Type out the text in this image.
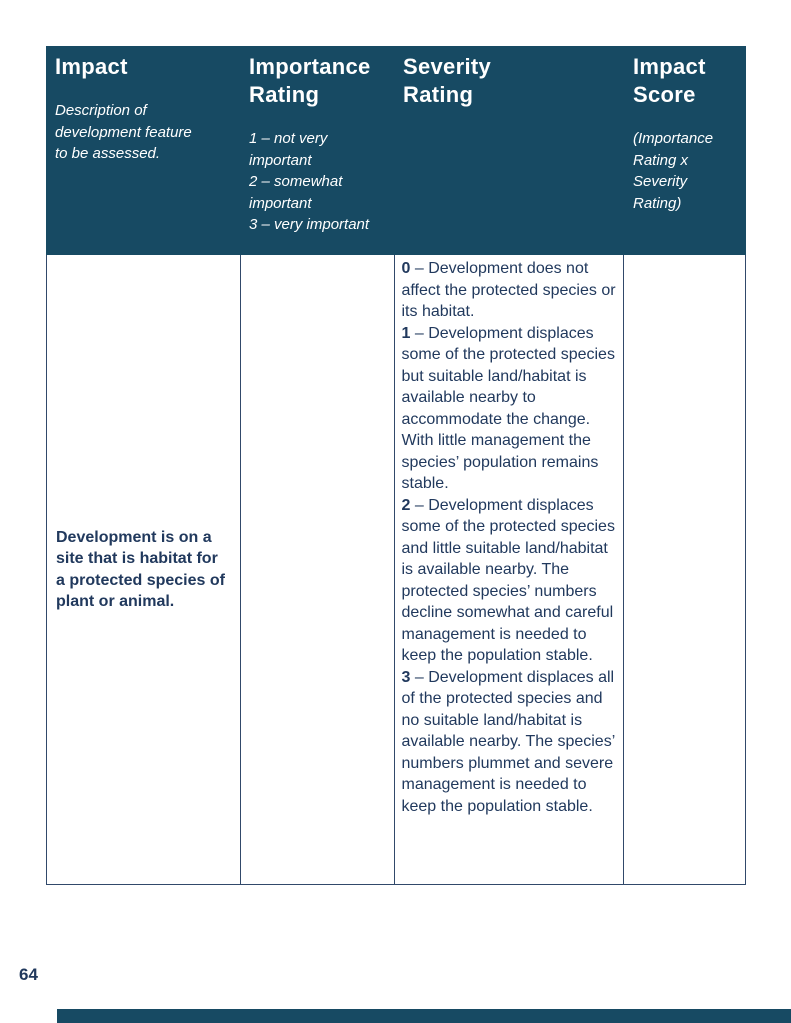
Impact
Description of development feature to be assessed.
Importance Rating
1 – not very important
2 – somewhat important
3 – very important
Severity Rating
Impact Score
(Importance Rating x Severity Rating)
Development is on a site that is habitat for a protected species of plant or animal.

0 – Development does not affect the protected species or its habitat.

1 – Development displaces some of the protected species but suitable land/habitat is available nearby to accommodate the change. With little management the species’ population remains stable.

2 – Development displaces some of the protected species and little suitable land/habitat is available nearby. The protected species’ numbers decline somewhat and careful management is needed to keep the population stable.

3 – Development displaces all of the protected species and no suitable land/habitat is available nearby. The species’ numbers plummet and severe management is needed to keep the population stable.

64
